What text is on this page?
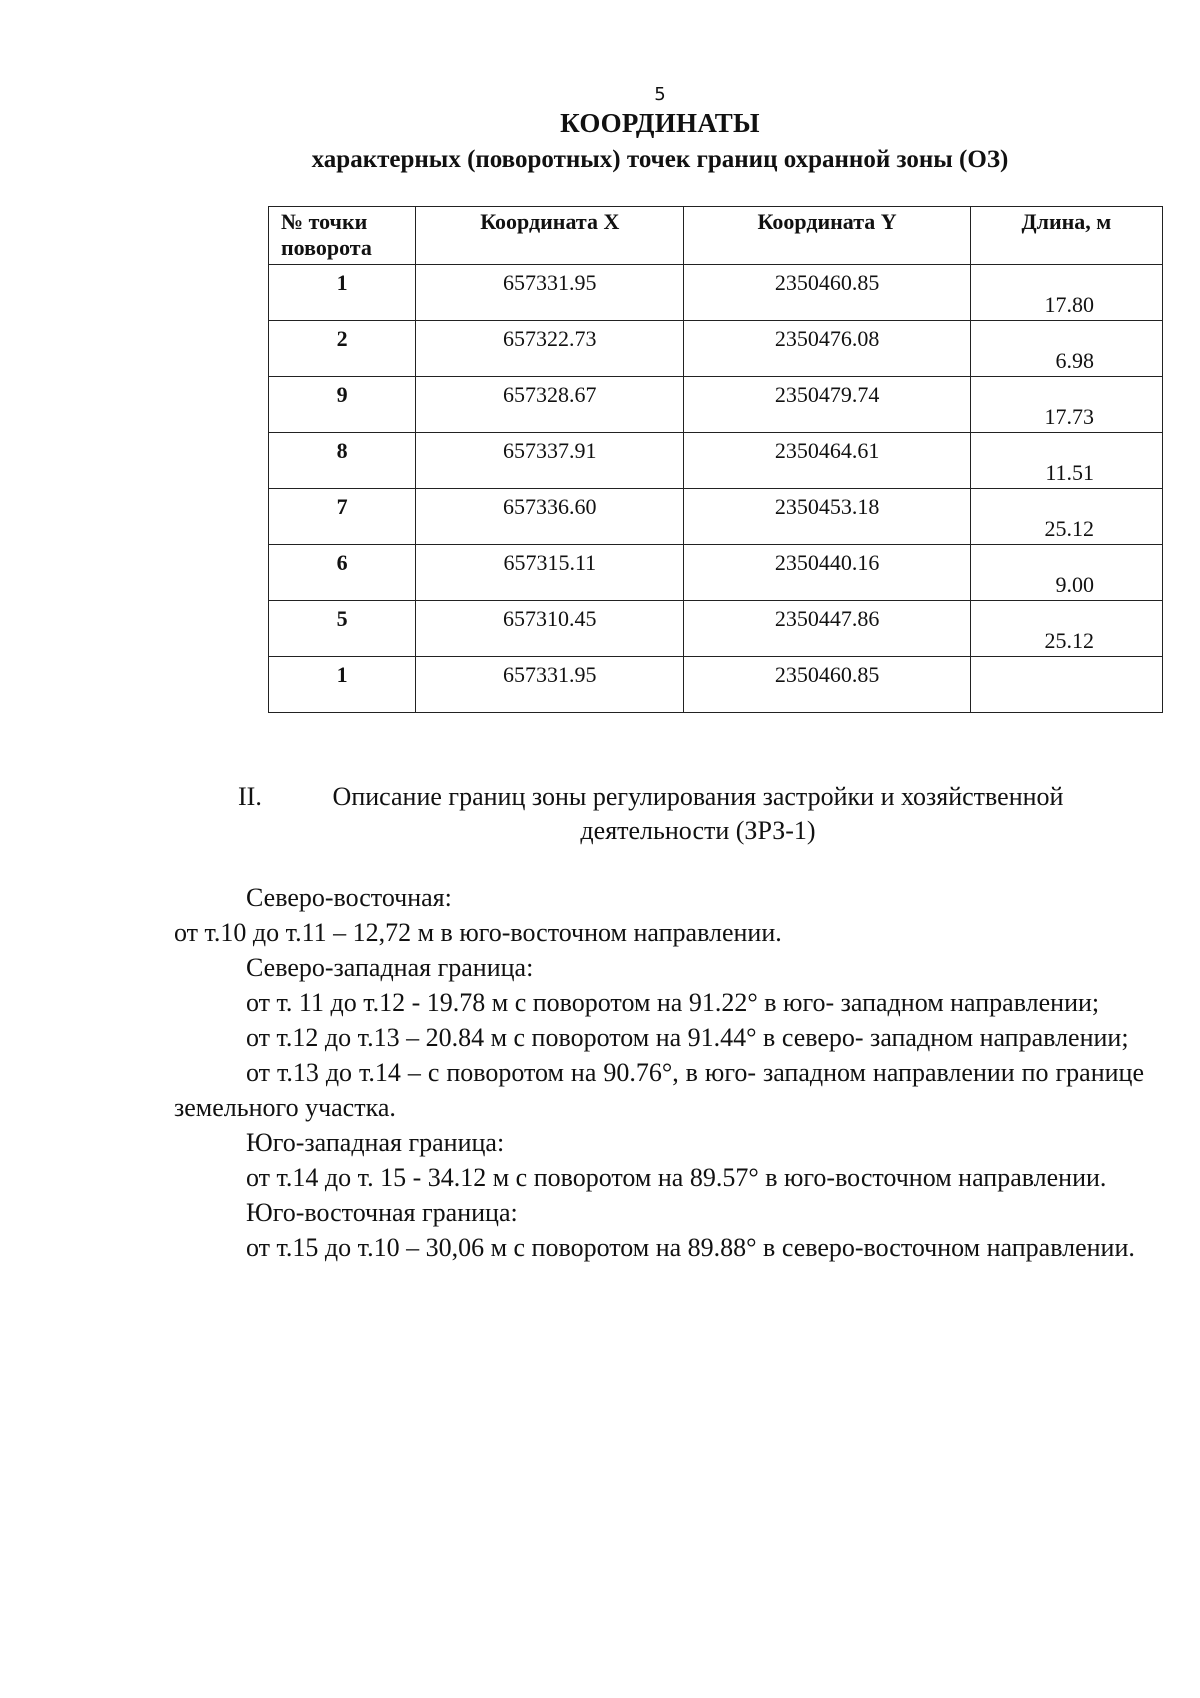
5
КООРДИНАТЫ
характерных (поворотных) точек границ охранной зоны (ОЗ)
№ точки
поворота	Координата X	Координата Y	Длина, м
1	657331.95	2350460.85	17.80
2	657322.73	2350476.08	6.98
9	657328.67	2350479.74	17.73
8	657337.91	2350464.61	11.51
7	657336.60	2350453.18	25.12
6	657315.11	2350440.16	9.00
5	657310.45	2350447.86	25.12
1	657331.95	2350460.85	
II.	Описание границ зоны регулирования застройки и хозяйственной
деятельности (ЗРЗ-1)

Северо-восточная:

от т.10 до т.11 – 12,72 м в юго-восточном направлении.

Северо-западная граница:

от т. 11 до т.12 - 19.78 м с поворотом на 91.22° в юго- западном направлении;

от т.12 до т.13 – 20.84 м с поворотом на 91.44° в северо- западном направлении;

от т.13 до т.14 – с поворотом на 90.76°, в юго- западном направлении по границе земельного участка.

Юго-западная граница:

от т.14 до т. 15 - 34.12 м с поворотом на 89.57° в юго-восточном направлении.

Юго-восточная граница:

от т.15 до т.10 – 30,06 м с поворотом на 89.88° в северо-восточном направлении.
